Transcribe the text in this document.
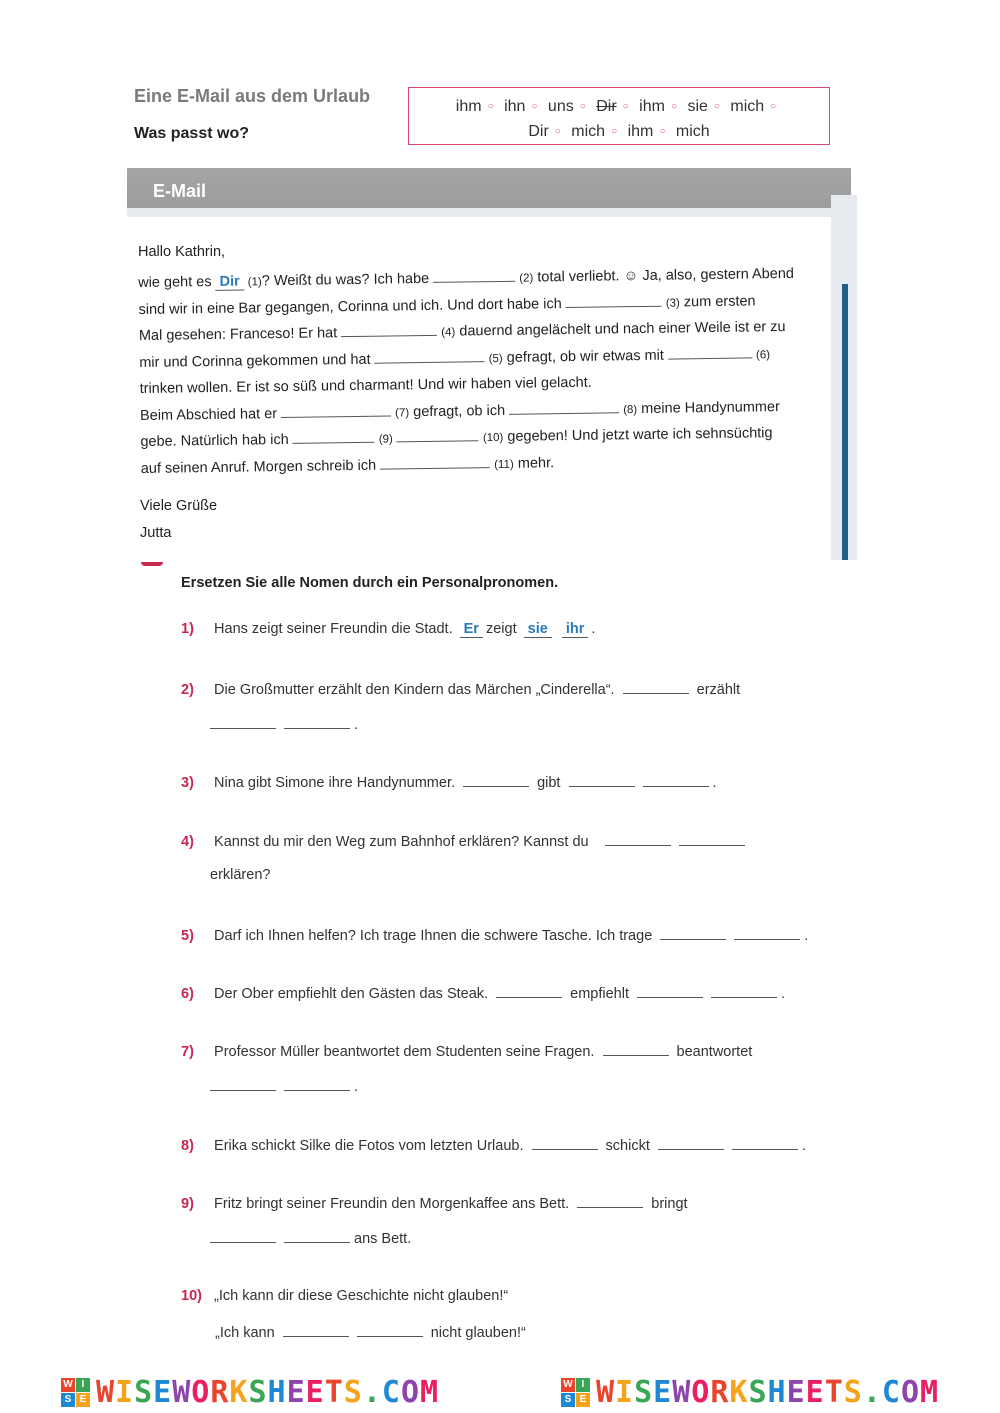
Eine E-Mail aus dem Urlaub
Was passt wo?
ihm ○ ihn ○ uns ○ Dir ○ ihm ○ sie ○ mich ○
Dir ○ mich ○ ihm ○ mich
E-Mail
Hallo Kathrin,
wie geht es Dir (1)? Weißt du was? Ich habe	(2) total verliebt. ☺ Ja, also, gestern Abend
sind wir in eine Bar gegangen, Corinna und ich. Und dort habe ich	(3) zum ersten
Mal gesehen: Franceso! Er hat	(4) dauernd angelächelt und nach einer Weile ist er zu
mir und Corinna gekommen und hat	(5) gefragt, ob wir etwas mit	(6)
trinken wollen. Er ist so süß und charmant! Und wir haben viel gelacht.
Beim Abschied hat er	(7) gefragt, ob ich	(8) meine Handynummer
gebe. Natürlich hab ich	(9)	(10) gegeben! Und jetzt warte ich sehnsüchtig
auf seinen Anruf. Morgen schreib ich	(11) mehr.
Viele Grüße
Jutta
Ersetzen Sie alle Nomen durch ein Personalpronomen.
1) Hans zeigt seiner Freundin die Stadt. Er zeigt sie ihr .
2) Die Großmutter erzählt den Kindern das Märchen „Cinderella“.	erzählt
.
3) Nina gibt Simone ihre Handynummer.	gibt	.
4) Kannst du mir den Weg zum Bahnhof erklären? Kannst du
erklären?
5) Darf ich Ihnen helfen? Ich trage Ihnen die schwere Tasche. Ich trage	.
6) Der Ober empfiehlt den Gästen das Steak.	empfiehlt	.
7) Professor Müller beantwortet dem Studenten seine Fragen.	beantwortet
.
8) Erika schickt Silke die Fotos vom letzten Urlaub.	schickt	.
9) Fritz bringt seiner Freundin den Morgenkaffee ans Bett.	bringt
ans Bett.
10) „Ich kann dir diese Geschichte nicht glauben!“
„Ich kann	nicht glauben!“
W I
S E WISEWORKSHEETS.COM	W I
S E WISEWORKSHEETS.COM
